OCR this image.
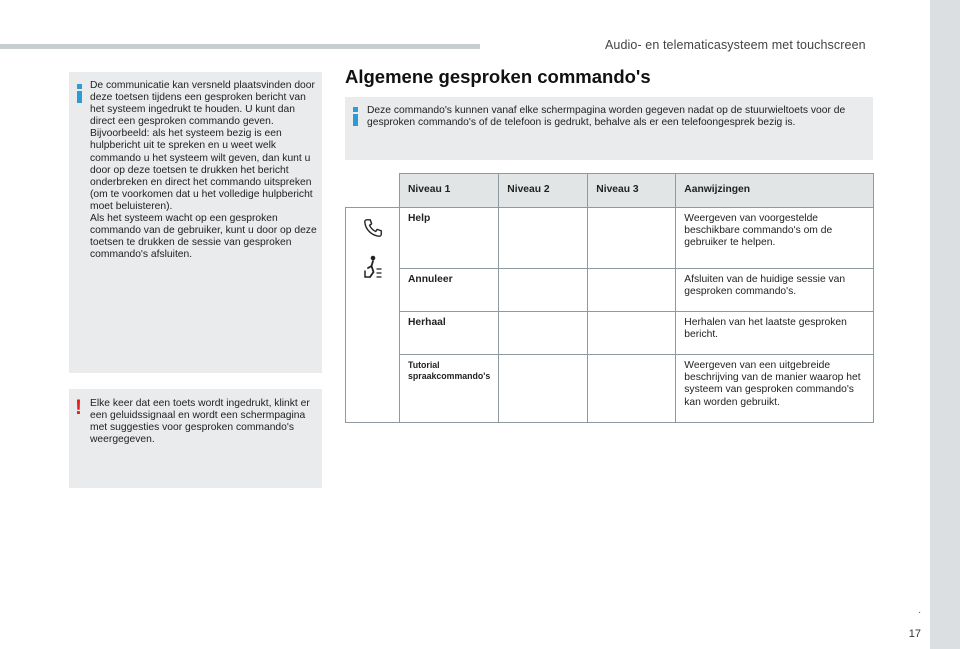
Audio- en telematicasysteem met touchscreen
.
17
De communicatie kan versneld plaatsvinden door deze toetsen tijdens een gesproken bericht van het systeem ingedrukt te houden. U kunt dan direct een gesproken commando geven.
Bijvoorbeeld: als het systeem bezig is een hulpbericht uit te spreken en u weet welk commando u het systeem wilt geven, dan kunt u door op deze toetsen te drukken het bericht onderbreken en direct het commando uitspreken (om te voorkomen dat u het volledige hulpbericht moet beluisteren).
Als het systeem wacht op een gesproken commando van de gebruiker, kunt u door op deze toetsen te drukken de sessie van gesproken commando's afsluiten.
! Elke keer dat een toets wordt ingedrukt, klinkt er een geluidssignaal en wordt een schermpagina met suggesties voor gesproken commando's weergegeven.
Algemene gesproken commando's
Deze commando's kunnen vanaf elke schermpagina worden gegeven nadat op de stuurwieltoets voor de gesproken commando's of de telefoon is gedrukt, behalve als er een telefoongesprek bezig is.
	Niveau 1	Niveau 2	Niveau 3	Aanwijzingen

	Help			Weergeven van voorgestelde beschikbare commando's om de gebruiker te helpen.
	Annuleer			Afsluiten van de huidige sessie van gesproken commando's.
	Herhaal			Herhalen van het laatste gesproken bericht.
	Tutorial spraakcommando's			Weergeven van een uitgebreide beschrijving van de manier waarop het systeem van gesproken commando's kan worden gebruikt.
